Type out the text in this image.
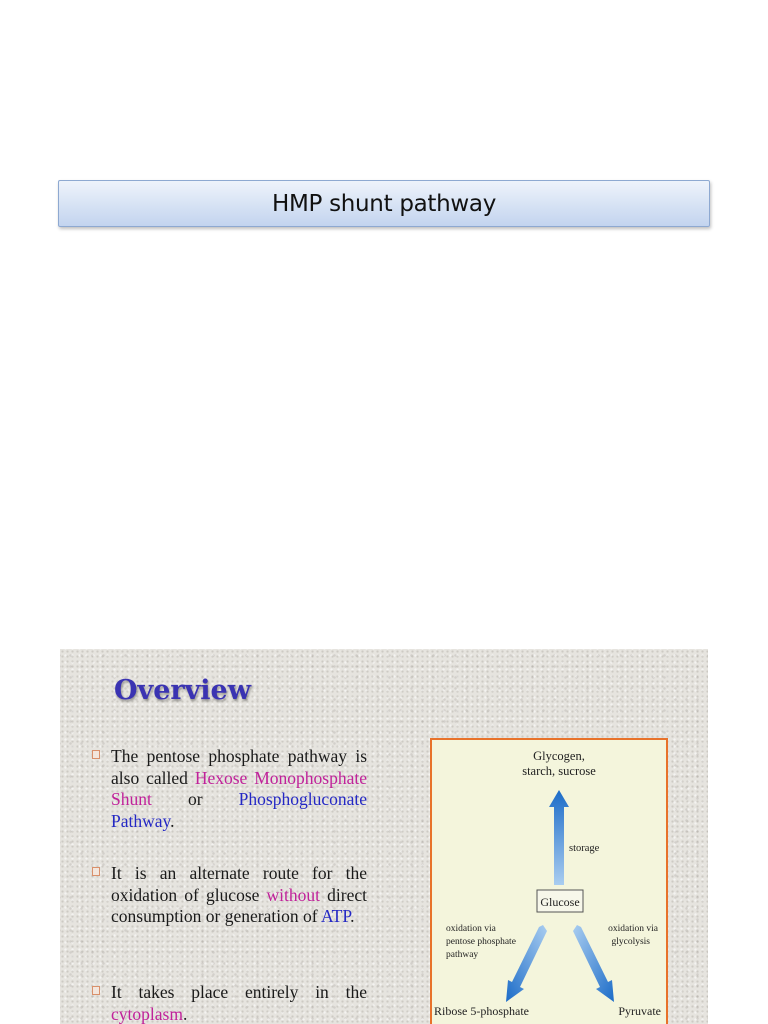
HMP shunt pathway
Overview
The pentose phosphate pathway is also called Hexose Monophosphate Shunt or Phosphogluconate Pathway.
It is an alternate route for the oxidation of glucose without direct consumption or generation of ATP.
It takes place entirely in the cytoplasm.
Glycogen,
starch, sucrose
storage
Glucose
oxidation via
pentose phosphate
pathway
oxidation via
glycolysis
Ribose 5-phosphate	Pyruvate
